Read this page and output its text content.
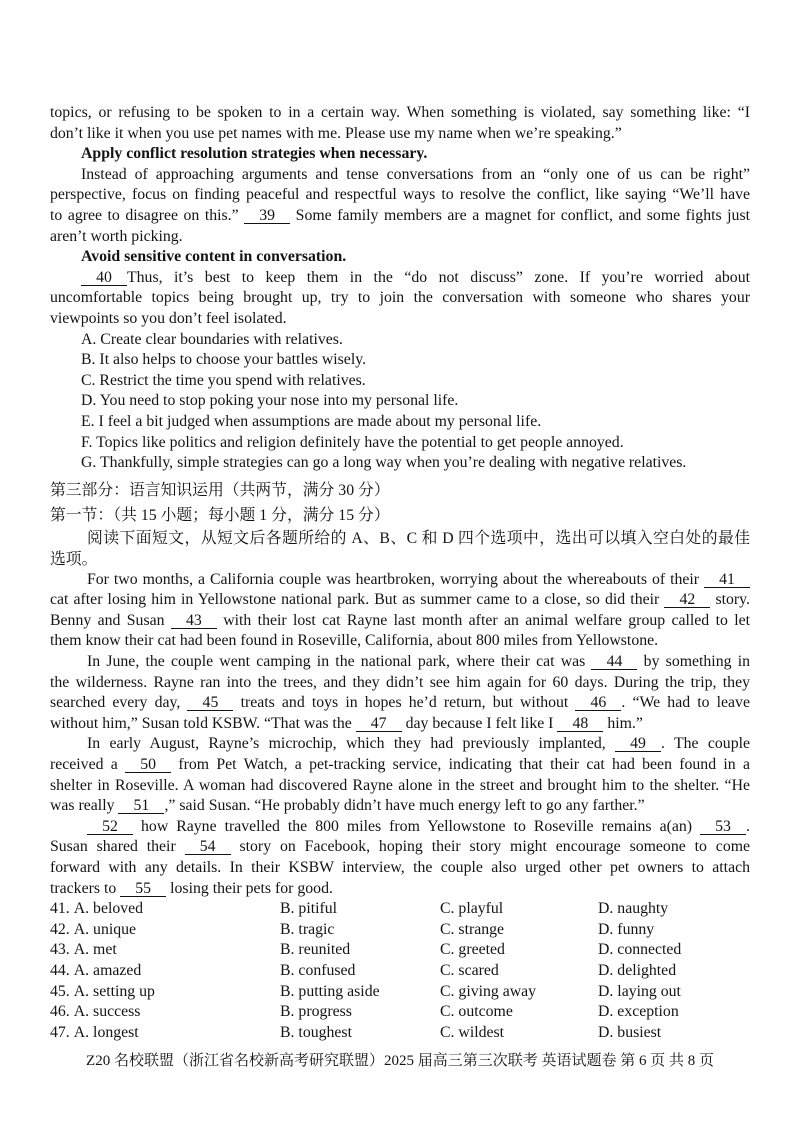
topics, or refusing to be spoken to in a certain way. When something is violated, say something like: “I
don’t like it when you use pet names with me. Please use my name when we’re speaking.”
Apply conflict resolution strategies when necessary.
Instead of approaching arguments and tense conversations from an “only one of us can be right”
perspective, focus on finding peaceful and respectful ways to resolve the conflict, like saying “We’ll have
to agree to disagree on this.” 39 Some family members are a magnet for conflict, and some fights just
aren’t worth picking.
Avoid sensitive content in conversation.
40 Thus, it’s best to keep them in the “do not discuss” zone. If you’re worried about
uncomfortable topics being brought up, try to join the conversation with someone who shares your
viewpoints so you don’t feel isolated.
A. Create clear boundaries with relatives.
B. It also helps to choose your battles wisely.
C. Restrict the time you spend with relatives.
D. You need to stop poking your nose into my personal life.
E. I feel a bit judged when assumptions are made about my personal life.
F. Topics like politics and religion definitely have the potential to get people annoyed.
G. Thankfully, simple strategies can go a long way when you’re dealing with negative relatives.
第三部分：语言知识运用（共两节，满分 30 分）
第一节：（共 15 小题；每小题 1 分，满分 15 分）
阅读下面短文，从短文后各题所给的 A、B、C 和 D 四个选项中，选出可以填入空白处的最佳
选项。
For two months, a California couple was heartbroken, worrying about the whereabouts of their 41
cat after losing him in Yellowstone national park. But as summer came to a close, so did their 42 story.
Benny and Susan 43 with their lost cat Rayne last month after an animal welfare group called to let
them know their cat had been found in Roseville, California, about 800 miles from Yellowstone.
In June, the couple went camping in the national park, where their cat was 44 by something in
the wilderness. Rayne ran into the trees, and they didn’t see him again for 60 days. During the trip, they
searched every day, 45 treats and toys in hopes he’d return, but without 46 . “We had to leave
without him,” Susan told KSBW. “That was the 47 day because I felt like I 48 him.”
In early August, Rayne’s microchip, which they had previously implanted, 49 . The couple
received a 50 from Pet Watch, a pet-tracking service, indicating that their cat had been found in a
shelter in Roseville. A woman had discovered Rayne alone in the street and brought him to the shelter. “He
was really 51 ,” said Susan. “He probably didn’t have much energy left to go any farther.”
52 how Rayne travelled the 800 miles from Yellowstone to Roseville remains a(an) 53 .
Susan shared their 54 story on Facebook, hoping their story might encourage someone to come
forward with any details. In their KSBW interview, the couple also urged other pet owners to attach
trackers to 55 losing their pets for good.
41. A. beloved	B. pitiful	C. playful	D. naughty
42. A. unique	B. tragic	C. strange	D. funny
43. A. met	B. reunited	C. greeted	D. connected
44. A. amazed	B. confused	C. scared	D. delighted
45. A. setting up	B. putting aside	C. giving away	D. laying out
46. A. success	B. progress	C. outcome	D. exception
47. A. longest	B. toughest	C. wildest	D. busiest
Z20 名校联盟（浙江省名校新高考研究联盟）2025 届高三第三次联考 英语试题卷 第 6 页 共 8 页
